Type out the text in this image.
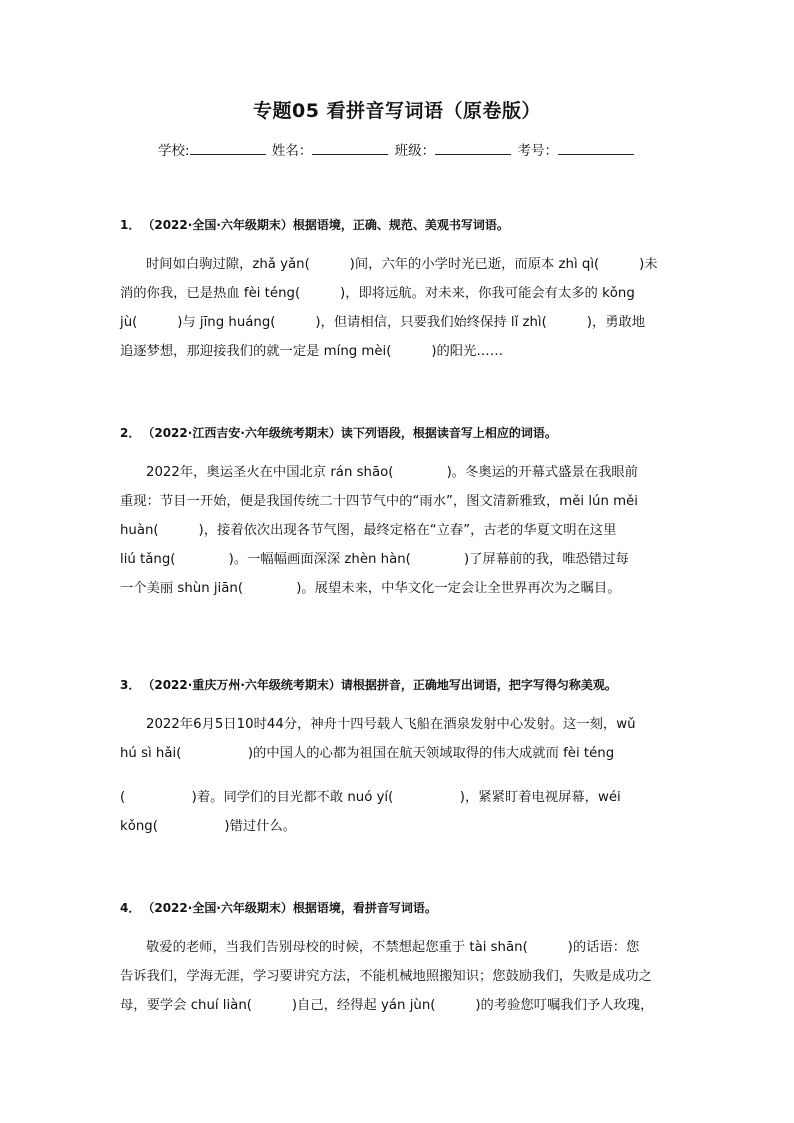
专题05 看拼音写词语（原卷版）
学校:	姓名：	班级：	考号：
1． （2022·全国·六年级期末）根据语境，正确、规范、美观书写词语。
时间如白驹过隙，zhǎ yǎn(　　　)间，六年的小学时光已逝，而原本 zhì qì(　　　)未
消的你我，已是热血 fèi téng(　　　)，即将远航。对未来，你我可能会有太多的 kǒng
jù(　　　)与 jīng huáng(　　　)，但请相信，只要我们始终保持 lǐ zhì(　　　)，勇敢地
追逐梦想，那迎接我们的就一定是 míng mèi(　　　)的阳光……
2． （2022·江西吉安·六年级统考期末）读下列语段，根据读音写上相应的词语。
2022年，奥运圣火在中国北京 rán shāo(　　　　)。冬奥运的开幕式盛景在我眼前
重现：节目一开始，便是我国传统二十四节气中的“雨水”，图文清新雅致，měi lún měi
huàn(　　　)，接着依次出现各节气图，最终定格在“立春”，古老的华夏文明在这里
liú tǎng(　　　　)。一幅幅画面深深 zhèn hàn(　　　　)了屏幕前的我，唯恐错过每
一个美丽 shùn jiān(　　　　)。展望未来，中华文化一定会让全世界再次为之瞩目。
3． （2022·重庆万州·六年级统考期末）请根据拼音，正确地写出词语，把字写得匀称美观。
2022年6月5日10时44分，神舟十四号载人飞船在酒泉发射中心发射。这一刻，wǔ
hú sì hǎi(　　　　　)的中国人的心都为祖国在航天领域取得的伟大成就而 fèi téng
(　　　　　)着。同学们的目光都不敢 nuó yí(　　　　　)，紧紧盯着电视屏幕，wéi
kǒng(　　　　　)错过什么。
4． （2022·全国·六年级期末）根据语境，看拼音写词语。
敬爱的老师，当我们告别母校的时候，不禁想起您重于 tài shān(　　　)的话语：您
告诉我们，学海无涯，学习要讲究方法，不能机械地照搬知识；您鼓励我们，失败是成功之
母，要学会 chuí liàn(　　　)自己，经得起 yán jùn(　　　)的考验您叮嘱我们予人玫瑰，
